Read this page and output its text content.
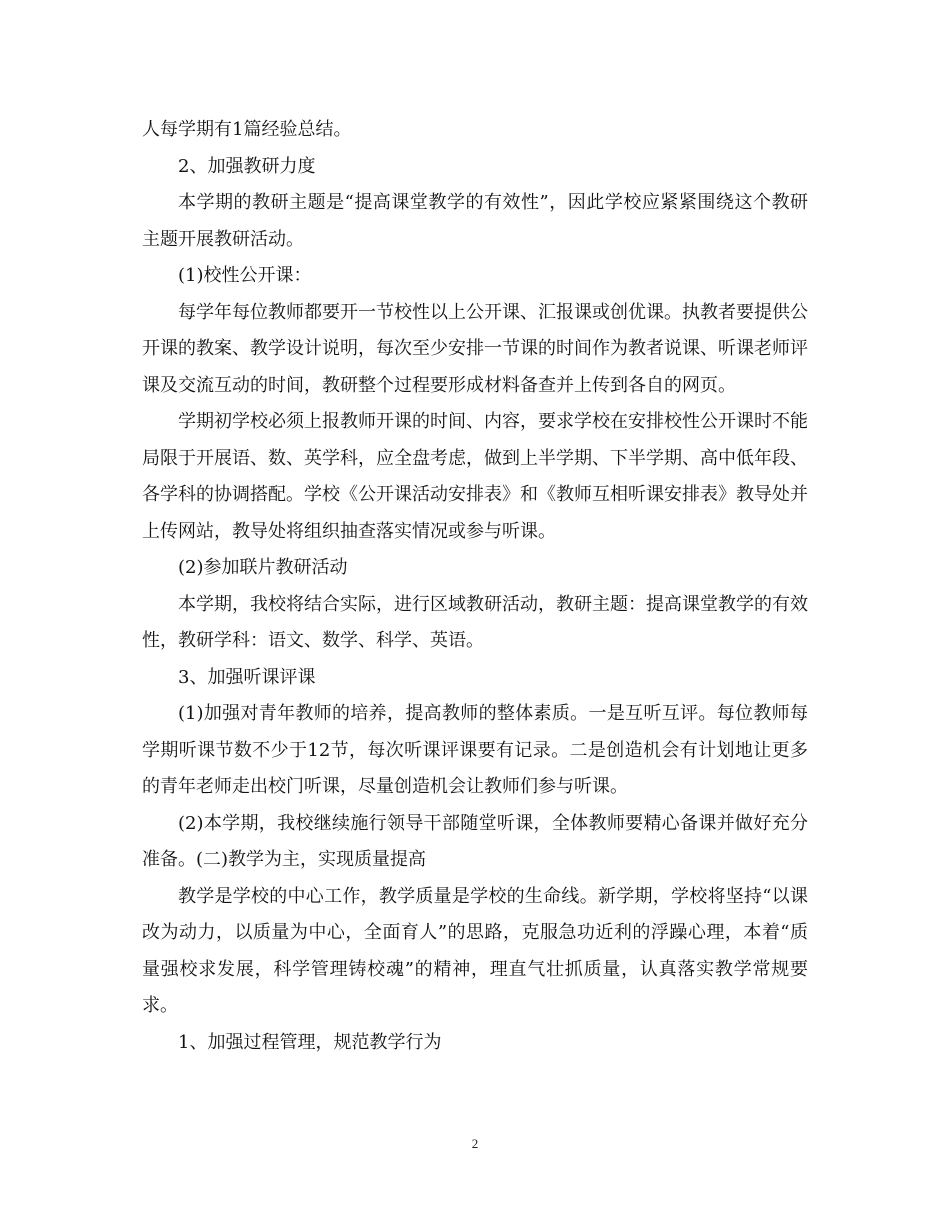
人每学期有1篇经验总结。

2、加强教研力度

本学期的教研主题是“提高课堂教学的有效性”，因此学校应紧紧围绕这个教研主题开展教研活动。

(1)校性公开课：

每学年每位教师都要开一节校性以上公开课、汇报课或创优课。执教者要提供公开课的教案、教学设计说明，每次至少安排一节课的时间作为教者说课、听课老师评课及交流互动的时间，教研整个过程要形成材料备查并上传到各自的网页。

学期初学校必须上报教师开课的时间、内容，要求学校在安排校性公开课时不能局限于开展语、数、英学科，应全盘考虑，做到上半学期、下半学期、高中低年段、各学科的协调搭配。学校《公开课活动安排表》和《教师互相听课安排表》教导处并上传网站，教导处将组织抽查落实情况或参与听课。

(2)参加联片教研活动

本学期，我校将结合实际，进行区域教研活动，教研主题：提高课堂教学的有效性，教研学科：语文、数学、科学、英语。

3、加强听课评课

(1)加强对青年教师的培养，提高教师的整体素质。一是互听互评。每位教师每学期听课节数不少于12节，每次听课评课要有记录。二是创造机会有计划地让更多的青年老师走出校门听课，尽量创造机会让教师们参与听课。

(2)本学期，我校继续施行领导干部随堂听课，全体教师要精心备课并做好充分准备。(二)教学为主，实现质量提高

教学是学校的中心工作，教学质量是学校的生命线。新学期，学校将坚持“以课改为动力，以质量为中心，全面育人”的思路，克服急功近利的浮躁心理，本着“质量强校求发展，科学管理铸校魂”的精神，理直气壮抓质量，认真落实教学常规要求。

1、加强过程管理，规范教学行为

2
